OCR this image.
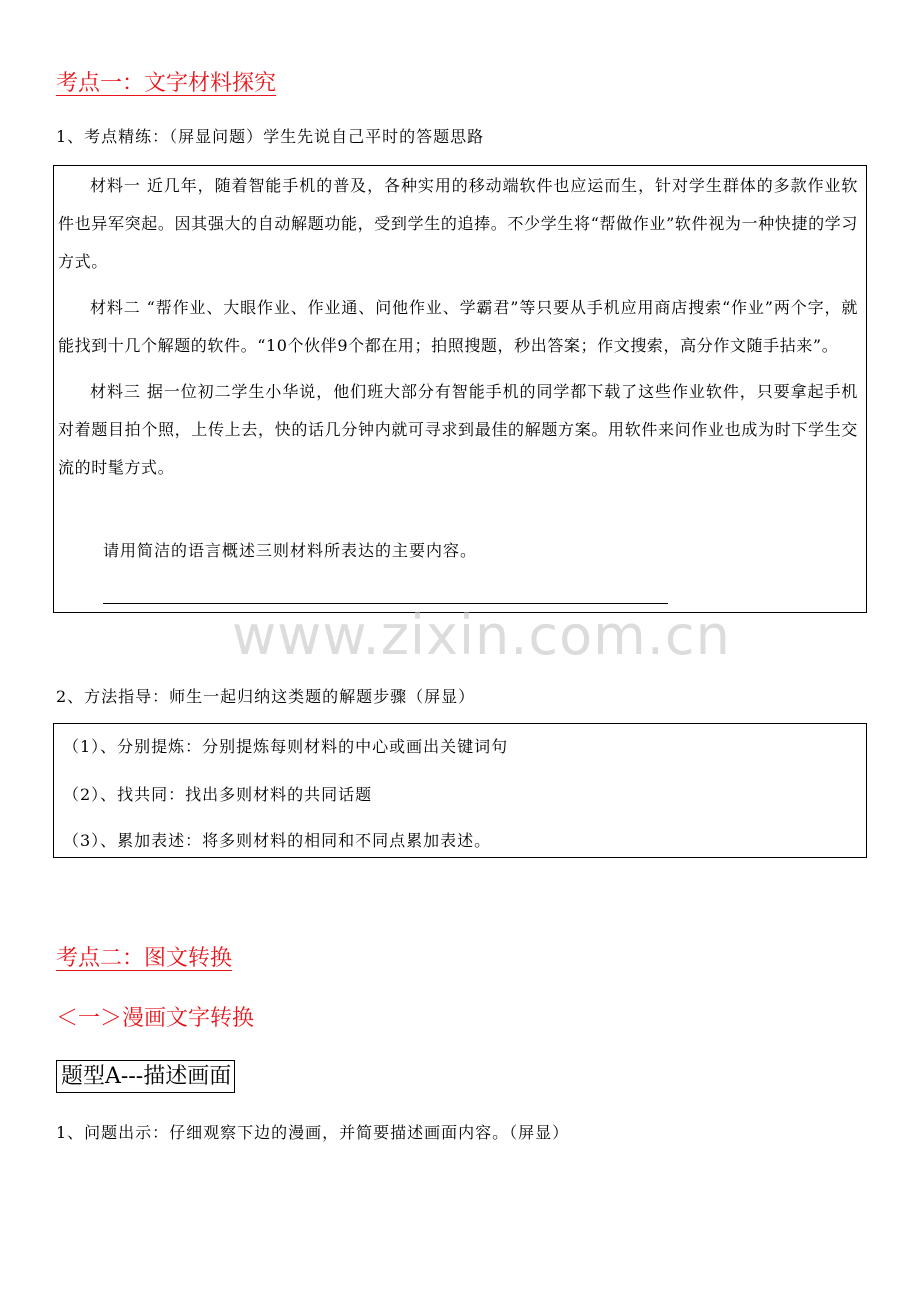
考点一：文字材料探究
1、考点精练：（屏显问题）学生先说自己平时的答题思路

材料一 近几年，随着智能手机的普及，各种实用的移动端软件也应运而生，针对学生群体的多款作业软件也异军突起。因其强大的自动解题功能，受到学生的追捧。不少学生将“帮做作业”软件视为一种快捷的学习方式。

材料二 “帮作业、大眼作业、作业通、问他作业、学霸君”等只要从手机应用商店搜索“作业”两个字，就能找到十几个解题的软件。“10个伙伴9个都在用；拍照搜题，秒出答案；作文搜索，高分作文随手拈来”。

材料三 据一位初二学生小华说，他们班大部分有智能手机的同学都下载了这些作业软件，只要拿起手机对着题目拍个照，上传上去，快的话几分钟内就可寻求到最佳的解题方案。用软件来问作业也成为时下学生交流的时髦方式。

请用简洁的语言概述三则材料所表达的主要内容。
www.zixin.com.cn
2、方法指导：师生一起归纳这类题的解题步骤（屏显）
（1）、分别提炼：分别提炼每则材料的中心或画出关键词句
（2）、找共同：找出多则材料的共同话题
（3）、累加表述：将多则材料的相同和不同点累加表述。
考点二：图文转换
＜一＞漫画文字转换
题型A---描述画面
1、问题出示：仔细观察下边的漫画，并简要描述画面内容。（屏显）
